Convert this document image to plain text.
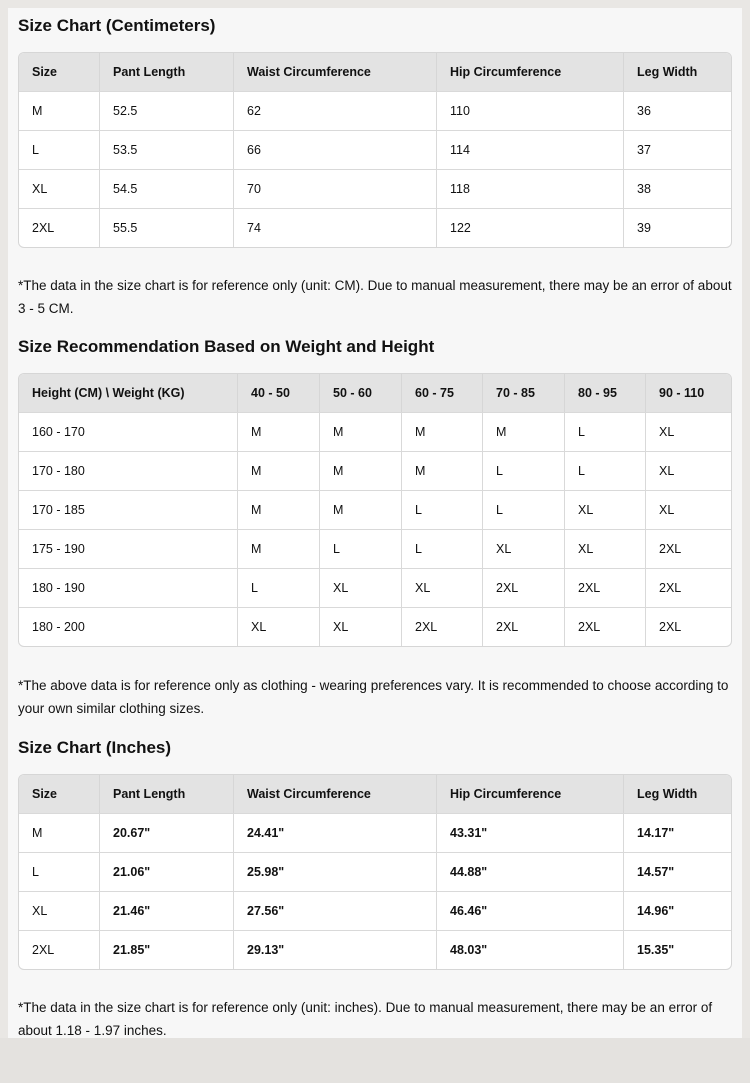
Size Chart (Centimeters)
Size	Pant Length	Waist Circumference	Hip Circumference	Leg Width
M	52.5	62	110	36
L	53.5	66	114	37
XL	54.5	70	118	38
2XL	55.5	74	122	39

*The data in the size chart is for reference only (unit: CM). Due to manual measurement, there may be an error of about 3 - 5 CM.

Size Recommendation Based on Weight and Height
Height (CM) \ Weight (KG)	40 - 50	50 - 60	60 - 75	70 - 85	80 - 95	90 - 110
160 - 170	M	M	M	M	L	XL
170 - 180	M	M	M	L	L	XL
170 - 185	M	M	L	L	XL	XL
175 - 190	M	L	L	XL	XL	2XL
180 - 190	L	XL	XL	2XL	2XL	2XL
180 - 200	XL	XL	2XL	2XL	2XL	2XL

*The above data is for reference only as clothing - wearing preferences vary. It is recommended to choose according to your own similar clothing sizes.

Size Chart (Inches)
Size	Pant Length	Waist Circumference	Hip Circumference	Leg Width
M	20.67"	24.41"	43.31"	14.17"
L	21.06"	25.98"	44.88"	14.57"
XL	21.46"	27.56"	46.46"	14.96"
2XL	21.85"	29.13"	48.03"	15.35"

*The data in the size chart is for reference only (unit: inches). Due to manual measurement, there may be an error of about 1.18 - 1.97 inches.
